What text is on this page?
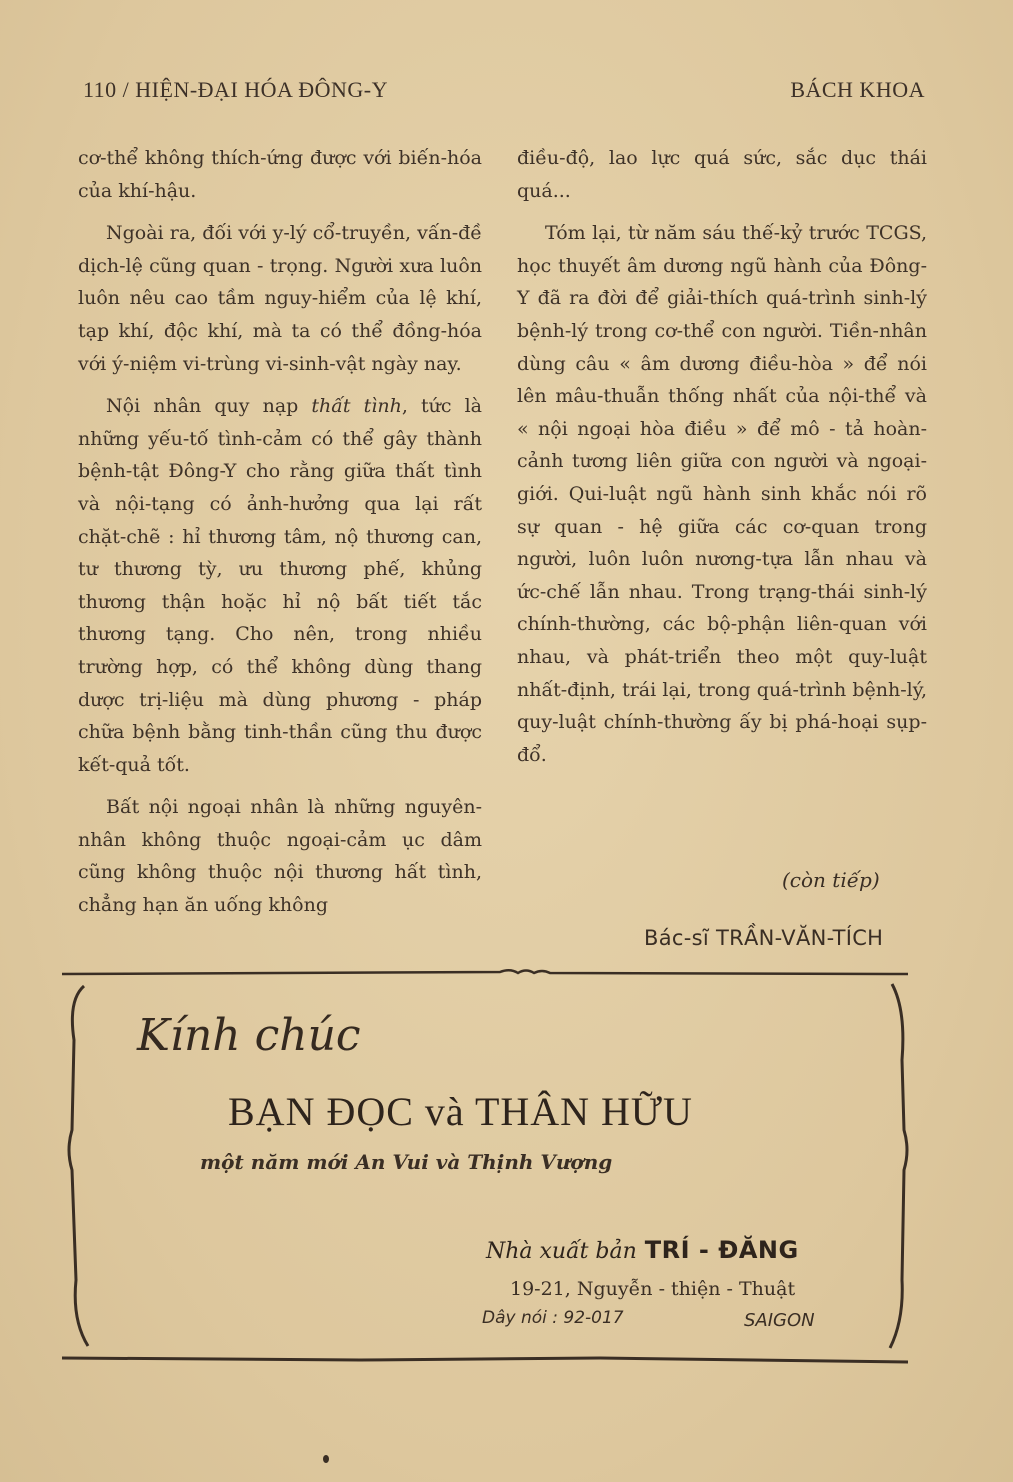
110 / HIỆN-ĐẠI HÓA ĐÔNG-Y	BÁCH KHOA

cơ-thể không thích-ứng được với biến-hóa của khí-hậu.

Ngoài ra, đối với y-lý cổ-truyền, vấn-đề dịch-lệ cũng quan - trọng. Người xưa luôn luôn nêu cao tầm nguy-hiểm của lệ khí, tạp khí, độc khí, mà ta có thể đồng-hóa với ý-niệm vi-trùng vi-sinh-vật ngày nay.

Nội nhân quy nạp thất tình, tức là những yếu-tố tình-cảm có thể gây thành bệnh-tật Đông-Y cho rằng giữa thất tình và nội-tạng có ảnh-hưởng qua lại rất chặt-chẽ : hỉ thương tâm, nộ thương can, tư thương tỳ, ưu thương phế, khủng thương thận hoặc hỉ nộ bất tiết tắc thương tạng. Cho nên, trong nhiều trường hợp, có thể không dùng thang dược trị-liệu mà dùng phương - pháp chữa bệnh bằng tinh-thần cũng thu được kết-quả tốt.

Bất nội ngoại nhân là những nguyên-nhân không thuộc ngoại-cảm ục dâm cũng không thuộc nội thương hất tình, chẳng hạn ăn uống không

điều-độ, lao lực quá sức, sắc dục thái quá...

Tóm lại, từ năm sáu thế-kỷ trước TCGS, học thuyết âm dương ngũ hành của Đông-Y đã ra đời để giải-thích quá-trình sinh-lý bệnh-lý trong cơ-thể con người. Tiền-nhân dùng câu « âm dương điều-hòa » để nói lên mâu-thuẫn thống nhất của nội-thể và « nội ngoại hòa điều » để mô - tả hoàn-cảnh tương liên giữa con người và ngoại-giới. Qui-luật ngũ hành sinh khắc nói rõ sự quan - hệ giữa các cơ-quan trong người, luôn luôn nương-tựa lẫn nhau và ức-chế lẫn nhau. Trong trạng-thái sinh-lý chính-thường, các bộ-phận liên-quan với nhau, và phát-triển theo một quy-luật nhất-định, trái lại, trong quá-trình bệnh-lý, quy-luật chính-thường ấy bị phá-hoại sụp-đổ.

(còn tiếp)
Bác-sĩ TRẦN-VĂN-TÍCH
Kính chúc
BẠN ĐỌC và THÂN HỮU
một năm mới An Vui và Thịnh Vượng
Nhà xuất bản TRÍ - ĐĂNG
19-21, Nguyễn - thiện - Thuật
Dây nói : 92-017	SAIGON
